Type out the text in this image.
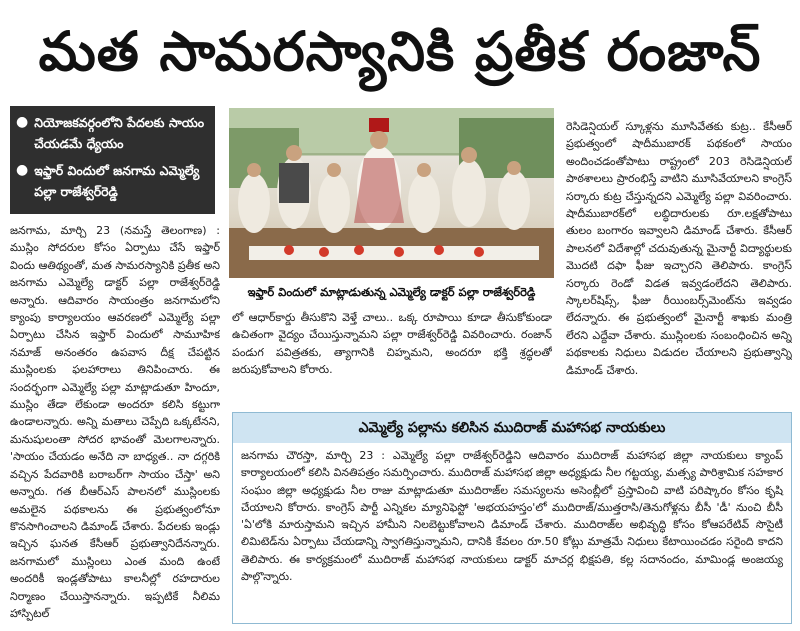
మత సామరస్యానికి ప్రతీక రంజాన్
● నియోజకవర్గంలోని పేదలకు సాయం చేయడమే ధ్యేయం
● ఇఫ్తార్ విందులో జనగామ ఎమ్మెల్యే పల్లా రాజేశ్వర్‌రెడ్డి
ఇఫ్తార్ విందులో మాట్లాడుతున్న ఎమ్మెల్యే డాక్టర్ పల్లా రాజేశ్వర్‌రెడ్డి
జనగామ, మార్చి 23 (నమస్తే తెలంగాణ) : ముస్లిం సోదరుల కోసం ఏర్పాటు చేసే ఇఫ్తార్ విందు ఆతిథ్యంతో, మత సామరస్యానికి ప్రతీక అని జనగామ ఎమ్మెల్యే డాక్టర్ పల్లా రాజేశ్వర్‌రెడ్డి అన్నారు. ఆదివారం సాయంత్రం జనగామలోని క్యాంపు కార్యాలయం ఆవరణలో ఎమ్మెల్యే పల్లా ఏర్పాటు చేసిన ఇఫ్తార్ విందులో సామూహిక నమాజ్ అనంతరం ఉపవాస దీక్ష చేపట్టిన ముస్లింలకు ఫలహారాలు తినిపించారు. ఈ సందర్భంగా ఎమ్మెల్యే పల్లా మాట్లాడుతూ హిందూ, ముస్లిం తేడా లేకుండా అందరూ కలిసి కట్టుగా ఉండాలన్నారు. అన్ని మతాలు చెప్పేది ఒక్కటేనని, మనుషులంతా సోదర భావంతో మెలగాలన్నారు. 'సాయం చేయడం అనేది నా బాధ్యత.. నా దగ్గరికి వచ్చిన పేదవారికి బరాబర్‌గా సాయం చేస్తా' అని అన్నారు. గత బీఆర్‌ఎస్ పాలనలో ముస్లింలకు అమలైన పథకాలను ఈ ప్రభుత్వంలోనూ కొనసాగించాలని డిమాండ్ చేశారు. పేదలకు ఇండ్లు ఇచ్చిన ఘనత కేసీఆర్ ప్రభుత్వానిదేనన్నారు. జనగామలో ముస్లింలు ఎంత మంది ఉంటే అందరికీ ఇండ్లతోపాటు కాలనీల్లో రహదారుల నిర్మాణం చేయిస్తానన్నారు. ఇప్పటికే నీలిమ హాస్పిటల్
లో ఆధార్‌కార్డు తీసుకొని వెళ్తే చాలు.. ఒక్క రూపాయి కూడా తీసుకోకుండా ఉచితంగా వైద్యం చేయిస్తున్నామని పల్లా రాజేశ్వర్‌రెడ్డి వివరించారు. రంజాన్ పండుగ పవిత్రతకు, త్యాగానికి చిహ్నమని, అందరూ భక్తి శ్రద్ధలతో జరుపుకోవాలని కోరారు.
రెసిడెన్షియల్ స్కూళ్లను మూసివేతకు కుట్ర.. కేసీఆర్ ప్రభుత్వంలో షాదీముబారక్ పథకంలో సాయం అందించడంతోపాటు రాష్ట్రంలో 203 రెసిడెన్షియల్ పాఠశాలలు ప్రారంభిస్తే వాటిని మూసివేయాలని కాంగ్రెస్ సర్కారు కుట్ర చేస్తున్నదని ఎమ్మెల్యే పల్లా వివరించారు. షాదీముబారక్‌లో లబ్ధిదారులకు రూ.లక్షతోపాటు తులం బంగారం ఇవ్వాలని డిమాండ్ చేశారు. కేసీఆర్ పాలనలో విదేశాల్లో చదువుతున్న మైనార్టీ విద్యార్థులకు మొదటి దఫా ఫీజు ఇచ్చారని తెలిపారు. కాంగ్రెస్ సర్కారు రెండో విడత ఇవ్వడంలేదని తెలిపారు. స్కాలర్‌షిప్స్, ఫీజు రీయింబర్స్‌మెంట్‌ను ఇవ్వడం లేదన్నారు. ఈ ప్రభుత్వంలో మైనార్టీ శాఖకు మంత్రి లేరని ఎద్దేవా చేశారు. ముస్లింలకు సంబంధించిన అన్ని పథకాలకు నిధులు విడుదల చేయాలని ప్రభుత్వాన్ని డిమాండ్ చేశారు.
ఎమ్మెల్యే పల్లాను కలిసిన ముదిరాజ్ మహాసభ నాయకులు
జనగామ చౌరస్తా, మార్చి 23 : ఎమ్మెల్యే పల్లా రాజేశ్వర్‌రెడ్డిని ఆదివారం ముదిరాజ్ మహాసభ జిల్లా నాయకులు క్యాంప్ కార్యాలయంలో కలిసి వినతిపత్రం సమర్పించారు. ముదిరాజ్ మహాసభ జిల్లా అధ్యక్షుడు నీల గట్టయ్య, మత్స్య పారిశ్రామిక సహకార సంఘం జిల్లా అధ్యక్షుడు నీల రాజు మాట్లాడుతూ ముదిరాజ్‌ల సమస్యలను అసెంబ్లీలో ప్రస్తావించి వాటి పరిష్కారం కోసం కృషి చేయాలని కోరారు. కాంగ్రెస్ పార్టీ ఎన్నికల మ్యానిఫెస్టో 'అభయహస్తం'లో ముదిరాజ్/ముత్తరాసి/తెనుగోళ్లను బీసీ 'డీ' నుంచి బీసీ 'ఏ'లోకి మారుస్తామని ఇచ్చిన హామీని నిలబెట్టుకోవాలని డిమాండ్ చేశారు. ముదిరాజ్‌ల అభివృద్ధి కోసం కోఆపరేటివ్ సొసైటీ లిమిటెడ్‌ను ఏర్పాటు చేయడాన్ని స్వాగతిస్తున్నామని, దానికి కేవలం రూ.50 కోట్లు మాత్రమే నిధులు కేటాయించడం సరైంది కాదని తెలిపారు. ఈ కార్యక్రమంలో ముదిరాజ్ మహాసభ నాయకులు డాక్టర్ మాచర్ల భిక్షపతి, కల్ల సదానందం, మామిండ్ల అంజయ్య పాల్గొన్నారు.
